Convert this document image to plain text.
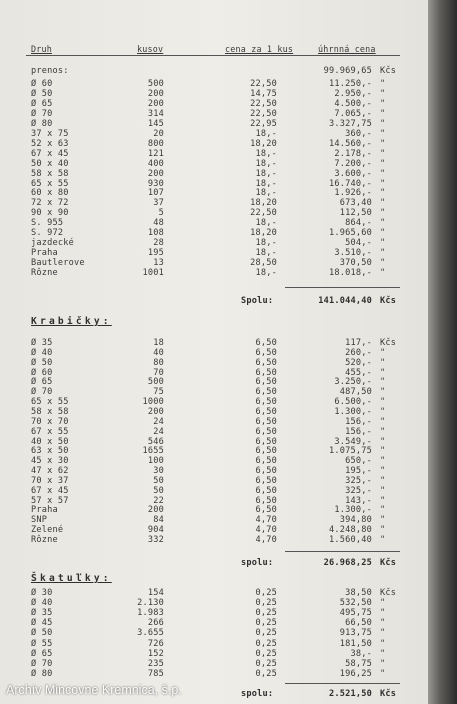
Druh	kusov	cena za 1 kus	úhrnná cena
prenos:	99.969,65 Kčs
Ø 60	500	22,50	11.250,- "
Ø 50	200	14,75	2.950,- "
Ø 65	200	22,50	4.500,- "
Ø 70	314	22,50	7.065,- "
Ø 80	145	22,95	3.327,75 "
37 x 75	20	18,-	360,- "
52 x 63	800	18,20	14.560,- "
67 x 45	121	18,-	2.178,- "
50 x 40	400	18,-	7.200,- "
58 x 58	200	18,-	3.600,- "
65 x 55	930	18,-	16.740,- "
60 x 80	107	18,-	1.926,- "
72 x 72	37	18,20	673,40 "
90 x 90	5	22,50	112,50 "
S. 955	48	18,-	864,- "
S. 972	108	18,20	1.965,60 "
jazdecké	28	18,-	504,- "
Praha	195	18,-	3.510,- "
Bautlerove	13	28,50	370,50 "
Rôzne	1001	18,-	18.018,- "
Spolu:	141.044,40 Kčs
Krabičky:
Ø 35	18	6,50	117,- Kčs
Ø 40	40	6,50	260,- "
Ø 50	80	6,50	520,- "
Ø 60	70	6,50	455,- "
Ø 65	500	6,50	3.250,- "
Ø 70	75	6,50	487,50 "
65 x 55	1000	6,50	6.500,- "
58 x 58	200	6,50	1.300,- "
70 x 70	24	6,50	156,- "
67 x 55	24	6,50	156,- "
40 x 50	546	6,50	3.549,- "
63 x 50	1655	6,50	1.075,75 "
45 x 30	100	6,50	650,- "
47 x 62	30	6,50	195,- "
70 x 37	50	6,50	325,- "
67 x 45	50	6,50	325,- "
57 x 57	22	6,50	143,- "
Praha	200	6,50	1.300,- "
SNP	84	4,70	394,80 "
Zelené	904	4,70	4.248,80 "
Rôzne	332	4,70	1.560,40 "
spolu:	26.968,25 Kčs
Škatuľky:
Ø 30	154	0,25	38,50 Kčs
Ø 40	2.130	0,25	532,50 "
Ø 35	1.983	0,25	495,75 "
Ø 45	266	0,25	66,50 "
Ø 50	3.655	0,25	913,75 "
Ø 55	726	0,25	181,50 "
Ø 65	152	0,25	38,- "
Ø 70	235	0,25	58,75 "
Ø 80	785	0,25	196,25 "
spolu:	2.521,50 Kčs
Archív Mincovne Kremnica, š.p.
